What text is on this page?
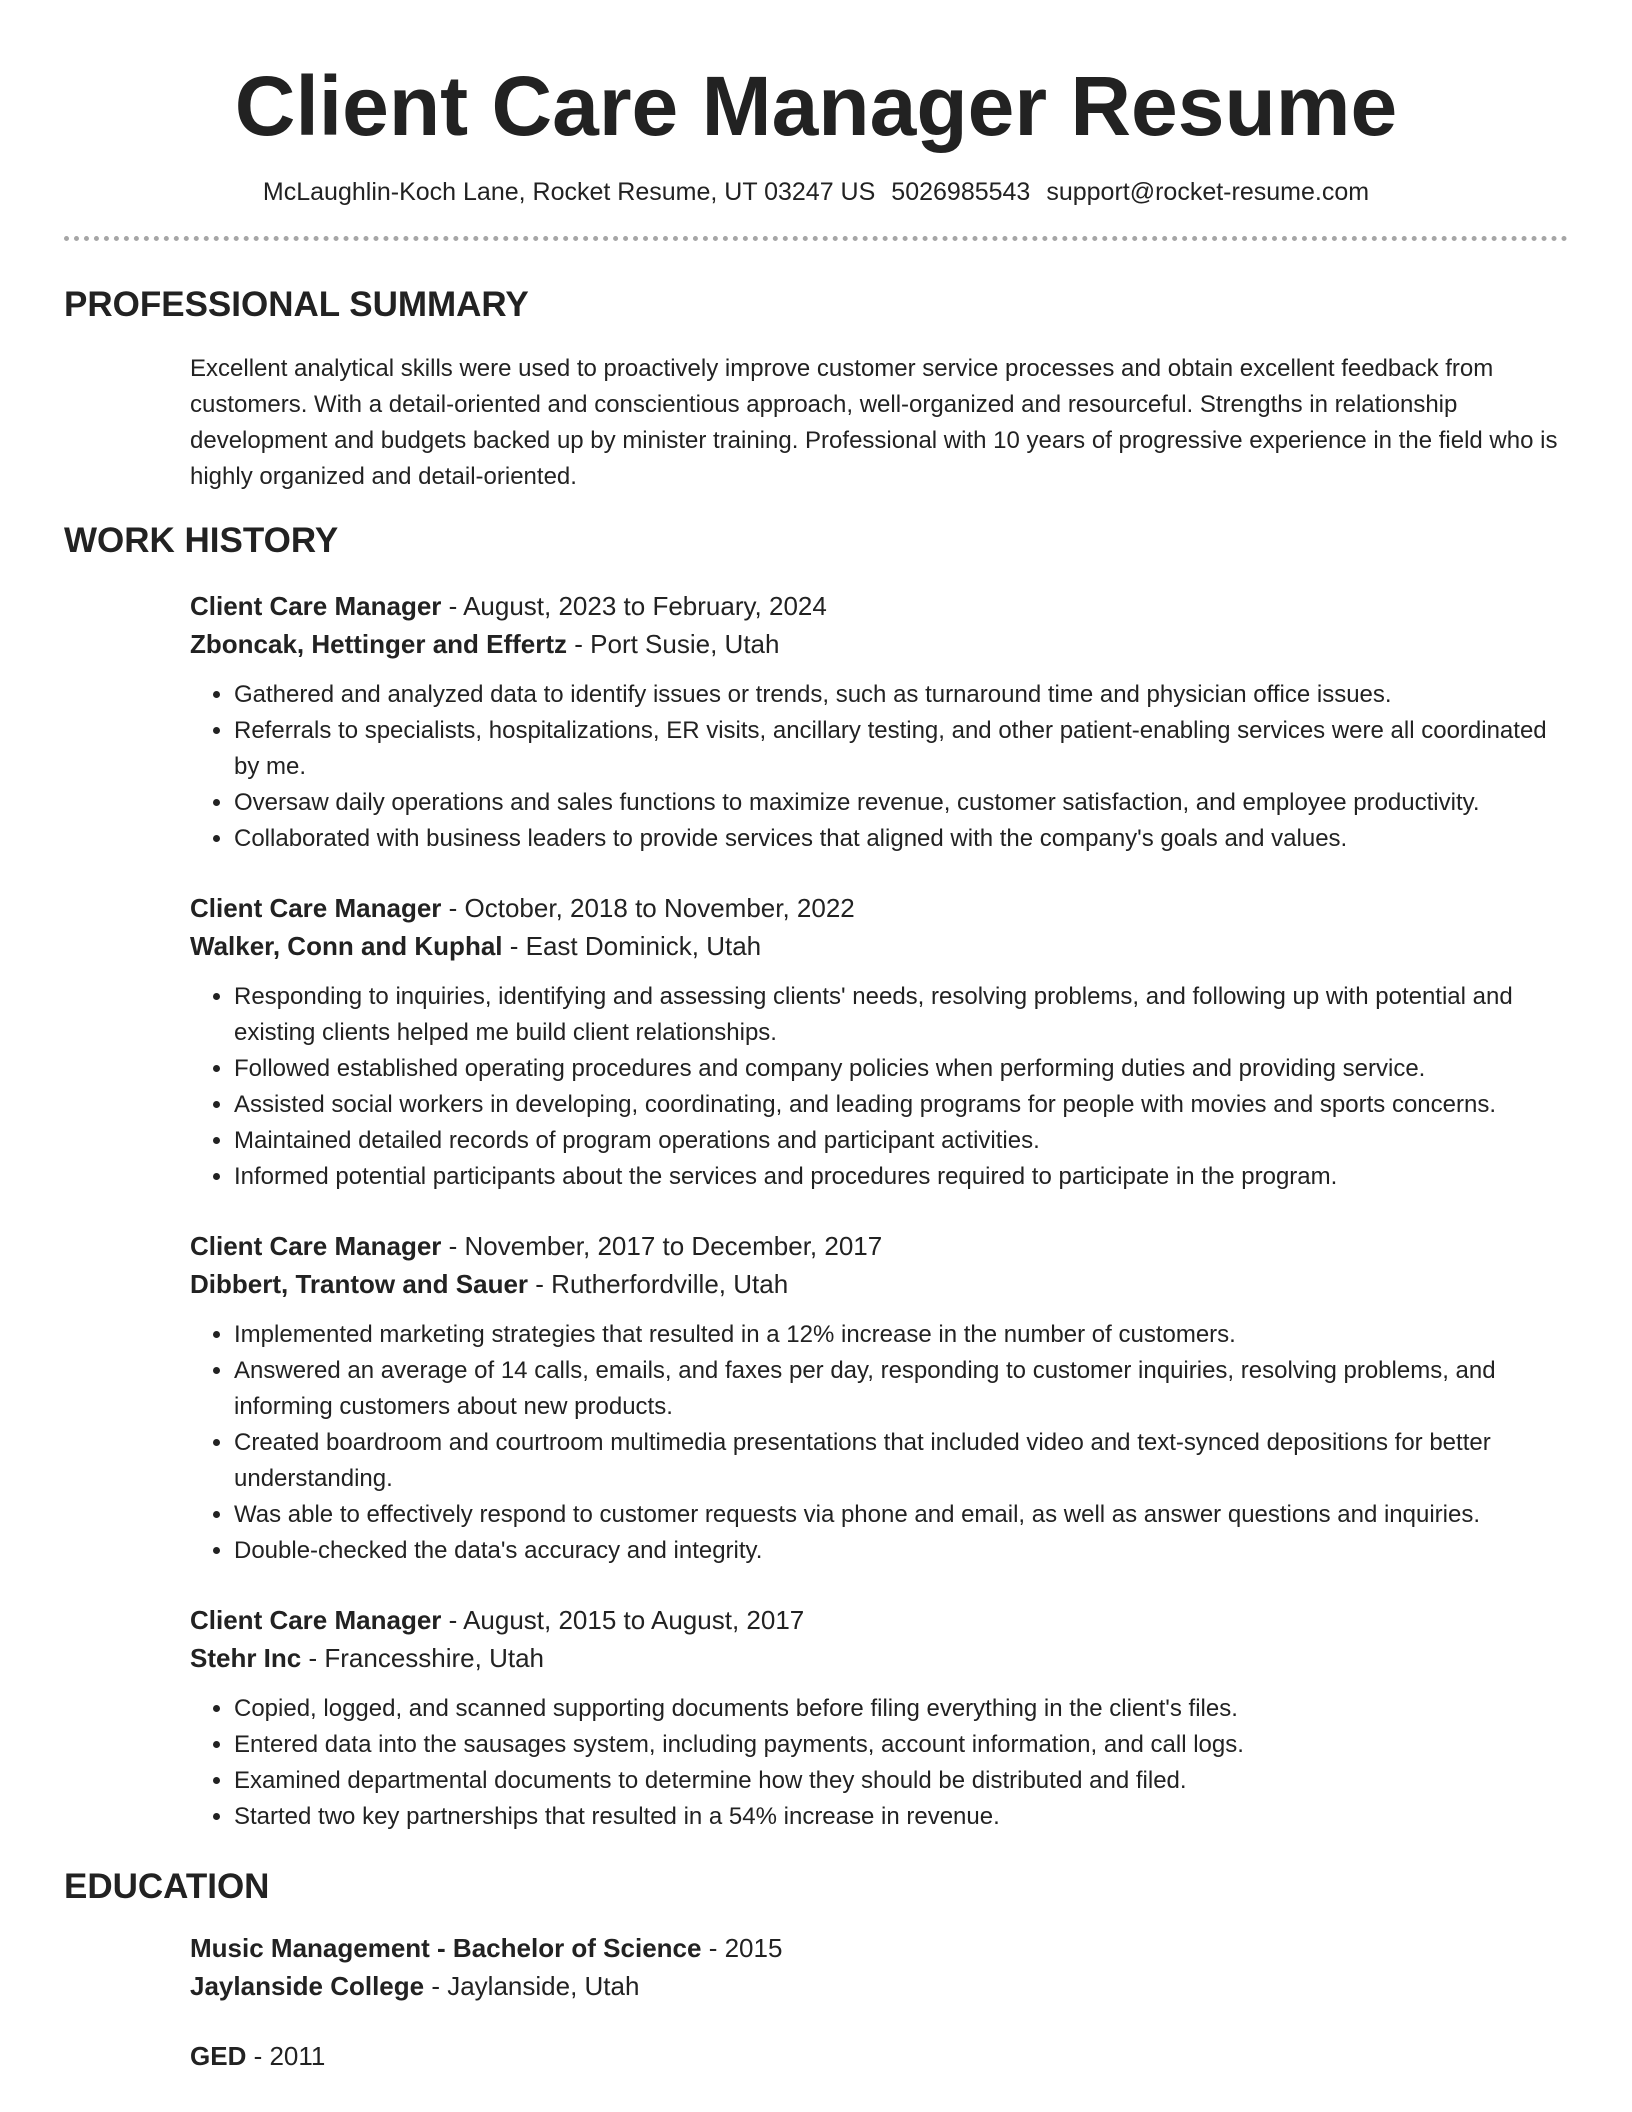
Client Care Manager Resume
McLaughlin-Koch Lane, Rocket Resume, UT 03247 US 5026985543 support@rocket-resume.com
PROFESSIONAL SUMMARY

Excellent analytical skills were used to proactively improve customer service processes and obtain excellent feedback from customers. With a detail-oriented and conscientious approach, well-organized and resourceful. Strengths in relationship development and budgets backed up by minister training. Professional with 10 years of progressive experience in the field who is highly organized and detail-oriented.

WORK HISTORY
Client Care Manager - August, 2023 to February, 2024
Zboncak, Hettinger and Effertz - Port Susie, Utah
• Gathered and analyzed data to identify issues or trends, such as turnaround time and physician office issues.
• Referrals to specialists, hospitalizations, ER visits, ancillary testing, and other patient-enabling services were all coordinated by me.
• Oversaw daily operations and sales functions to maximize revenue, customer satisfaction, and employee productivity.
• Collaborated with business leaders to provide services that aligned with the company's goals and values.
Client Care Manager - October, 2018 to November, 2022
Walker, Conn and Kuphal - East Dominick, Utah
• Responding to inquiries, identifying and assessing clients' needs, resolving problems, and following up with potential and existing clients helped me build client relationships.
• Followed established operating procedures and company policies when performing duties and providing service.
• Assisted social workers in developing, coordinating, and leading programs for people with movies and sports concerns.
• Maintained detailed records of program operations and participant activities.
• Informed potential participants about the services and procedures required to participate in the program.
Client Care Manager - November, 2017 to December, 2017
Dibbert, Trantow and Sauer - Rutherfordville, Utah
• Implemented marketing strategies that resulted in a 12% increase in the number of customers.
• Answered an average of 14 calls, emails, and faxes per day, responding to customer inquiries, resolving problems, and informing customers about new products.
• Created boardroom and courtroom multimedia presentations that included video and text-synced depositions for better understanding.
• Was able to effectively respond to customer requests via phone and email, as well as answer questions and inquiries.
• Double-checked the data's accuracy and integrity.
Client Care Manager - August, 2015 to August, 2017
Stehr Inc - Francesshire, Utah
• Copied, logged, and scanned supporting documents before filing everything in the client's files.
• Entered data into the sausages system, including payments, account information, and call logs.
• Examined departmental documents to determine how they should be distributed and filed.
• Started two key partnerships that resulted in a 54% increase in revenue.
EDUCATION
Music Management - Bachelor of Science - 2015
Jaylanside College - Jaylanside, Utah
GED - 2011
